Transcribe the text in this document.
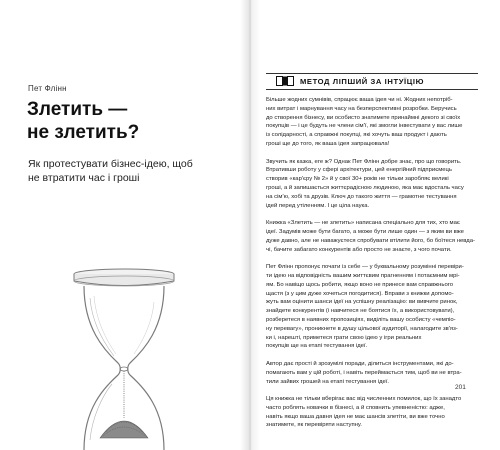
Пет Флінн
Злетить —
не злетить?
Як протестувати бізнес-ідею, щоб
не втратити час і гроші
МЕТОД ЛІПШИЙ ЗА ІНТУЇЦІЮ
Більше жодних сумнівів, спрацює ваша ідея чи ні. Жодних непотріб-
них витрат і марнування часу на безперспективні розробки. Беручись
до створення бізнесу, ви особисто знатимете принаймні декого зі своїх
покупців — і це будуть не члени сім'ї, які змогли інвестувати у вас лише
із солідарності, а справжні покупці, які хочуть ваш продукт і дають
гроші ще до того, як ваша ідея запрацювала!
Звучить як казка, еге ж? Однак Пет Флінн добре знає, про що говорить.
Втративши роботу у сфері архітектури, цей енергійний підприємець
створив «кар'єру № 2» й у свої 30+ років не тільки заробляє великі
гроші, а й запишається життєрадісною людиною, яка має вдосталь часу
на сім'ю, хобі та друзів. Ключ до такого життя — грамотне тестування
ідей перед утіленням. І це ціла наука.
Книжка «Злетить — не злетить» написана спеціально для тих, хто має
ідеї. Задумів може бути багато, а може бути лише один — з яким ви вже
дуже давно, але не наважуєтеся спробувати втілити його, бо боїтеся невда-
чі, бачите забагато конкурентів або просто не знаєте, з чого почати.
Пет Флінн пропонує почати із себе — у буквальному розумінні перевіри-
ти ідею на відповідність вашим життєвим прагненням і потаємним мрі-
ям. Бо навіщо щось робити, якщо воно не принесе вам справжнього
щастя (з у цим дуже хочеться погодитися). Вправи з книжки допомо-
жуть вам оцінити шанси ідеї на успішну реалізацію: ви вивчите ринок,
знайдете конкурентів (і навчитеся не боятися їх, а використовувати),
розберетеся в наявних пропозиціях, виділіть вашу особисту «чемпіо-
ну перевагу», проникнете в душу цільової аудиторії, налагодите зв'яз-
ки і, нарешті, приметеся грати свою ідею у ігри реальних
покупців ще на етапі тестування ідеї.
Автор дає прості й зрозумілі поради, ділиться інструментами, які до-
помагають вам у цій роботі, і навіть переймається тим, щоб ви не втра-
тили зайвих грошей на етапі тестування ідеї.
Ця книжка не тільки вберігає вас від численних помилок, що їх занадто
часто роблять новачки в бізнесі, а й сповнить упевненістю: адже,
навіть якщо ваша давня ідея не має шансів злетіти, ви вже точно
знатимете, як перевіряти наступну.
201
